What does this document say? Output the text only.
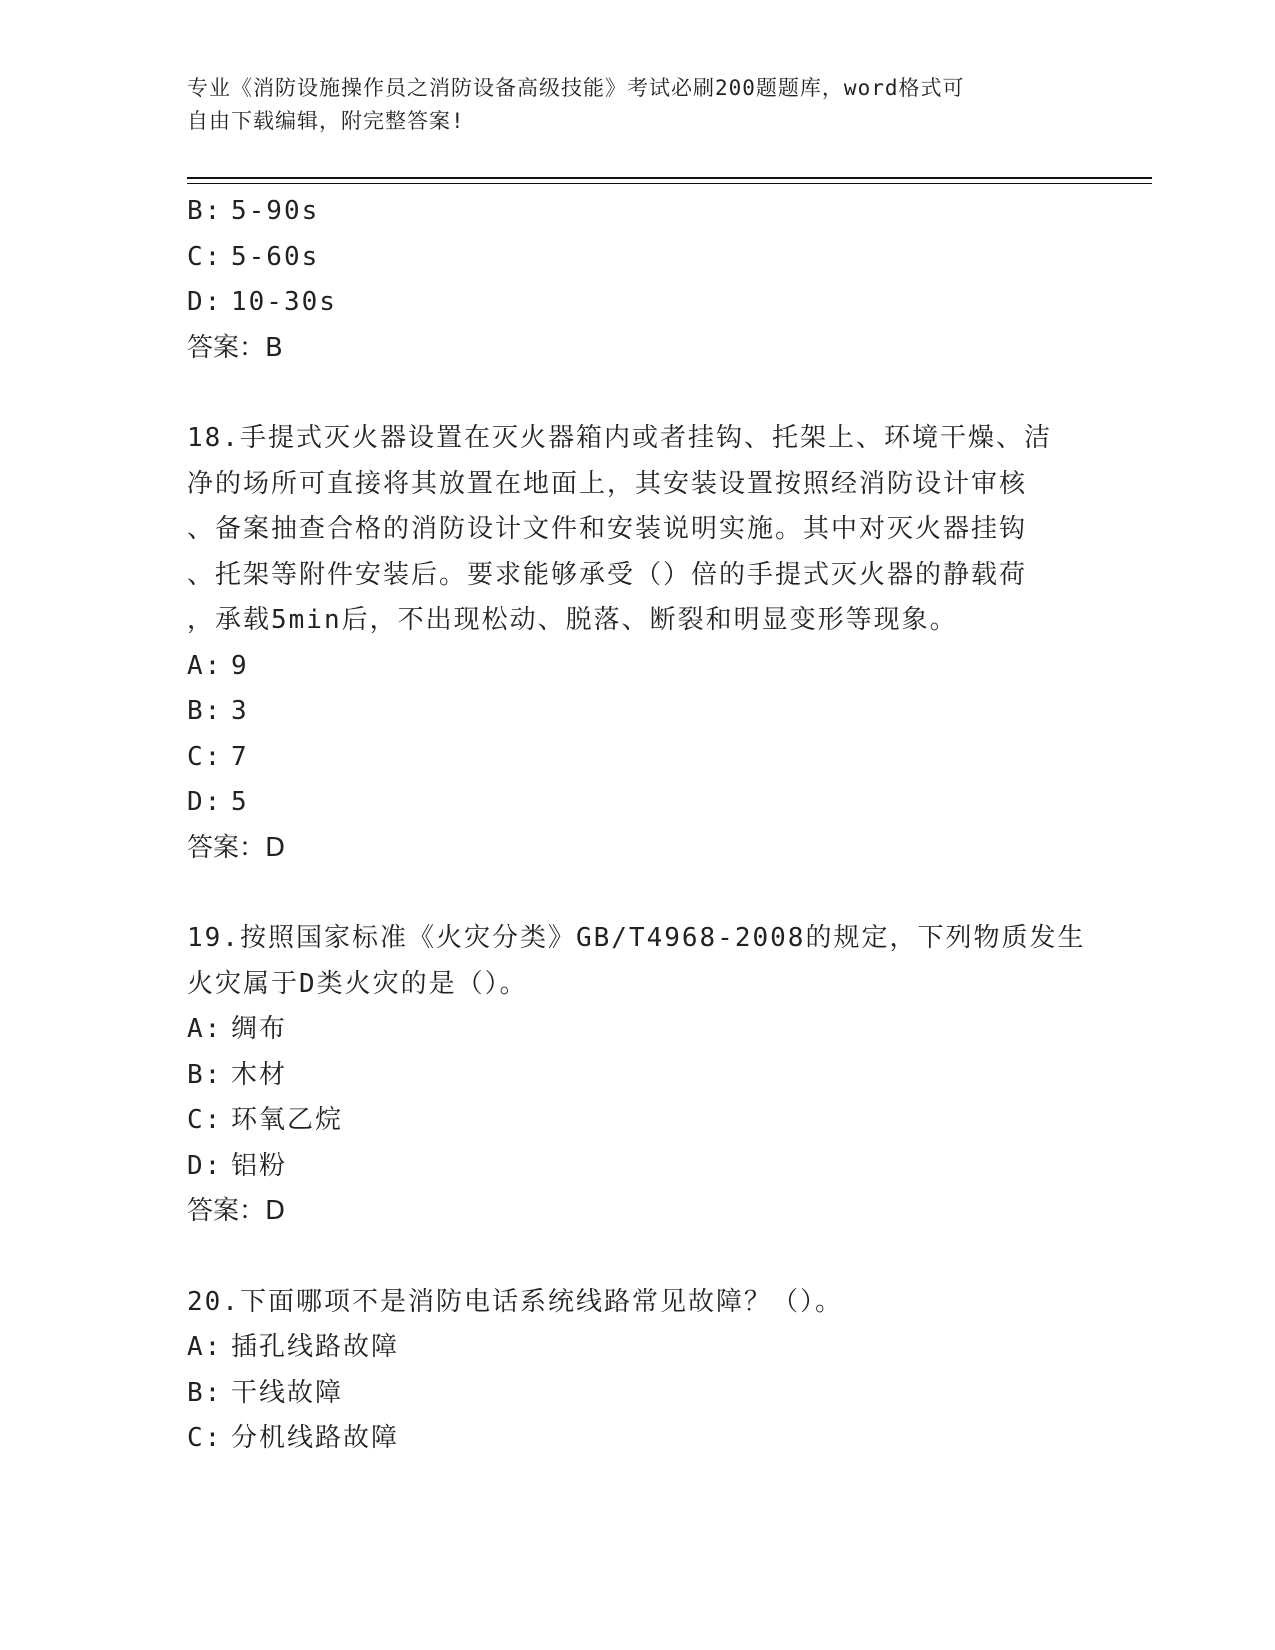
专业《消防设施操作员之消防设备高级技能》考试必刷200题题库，word格式可
自由下载编辑，附完整答案!

B: 5-90s

C: 5-60s

D: 10-30s

答案：B

18.手提式灭火器设置在灭火器箱内或者挂钩、托架上、环境干燥、洁

净的场所可直接将其放置在地面上，其安装设置按照经消防设计审核

、备案抽查合格的消防设计文件和安装说明实施。其中对灭火器挂钩

、托架等附件安装后。要求能够承受（）倍的手提式灭火器的静载荷

，承载5min后，不出现松动、脱落、断裂和明显变形等现象。

A: 9

B: 3

C: 7

D: 5

答案：D

19.按照国家标准《火灾分类》GB/T4968-2008的规定，下列物质发生

火灾属于D类火灾的是（）。

A: 绸布

B: 木材

C: 环氧乙烷

D: 铝粉

答案：D

20.下面哪项不是消防电话系统线路常见故障？（）。

A: 插孔线路故障

B: 干线故障

C: 分机线路故障
